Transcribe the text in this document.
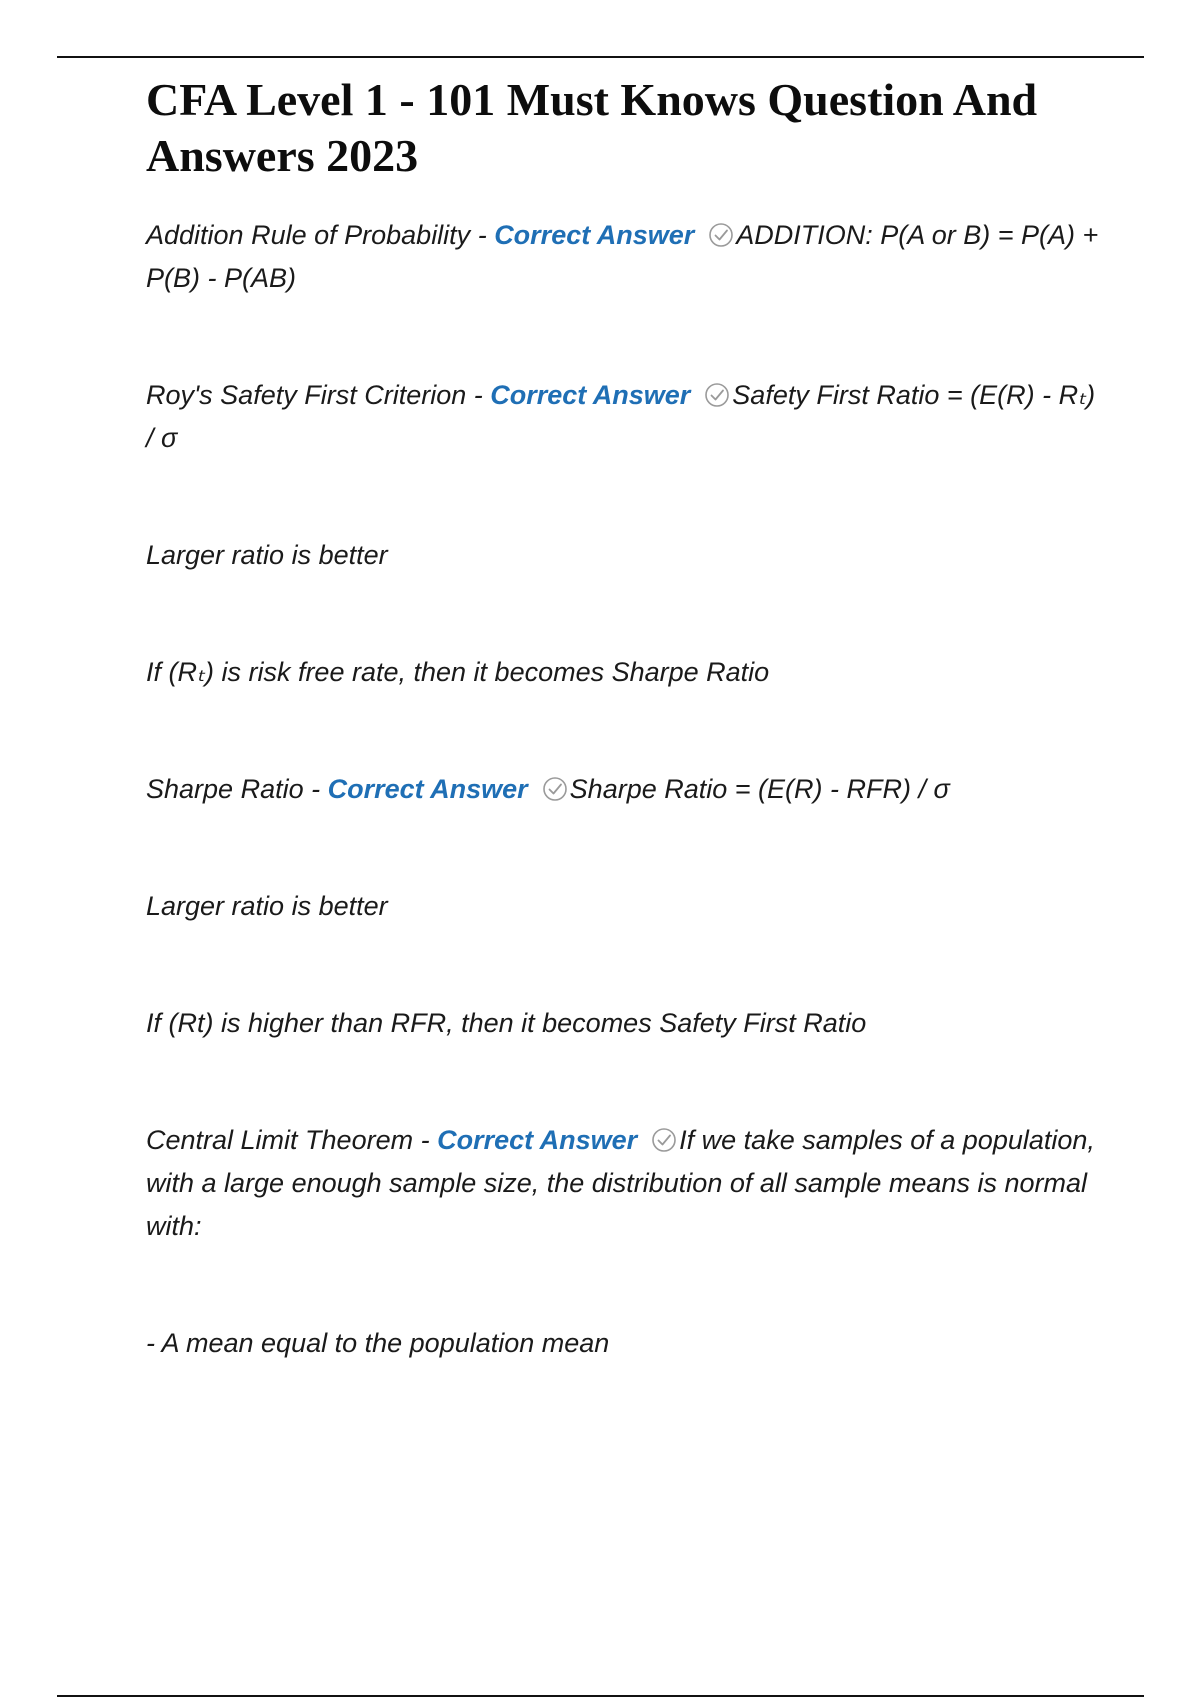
CFA Level 1 - 101 Must Knows Question And Answers 2023

Addition Rule of Probability - Correct Answer ADDITION: P(A or B) = P(A) + P(B) - P(AB)

Roy's Safety First Criterion - Correct Answer Safety First Ratio = (E(R) - Rₜ) / σ

Larger ratio is better

If (Rₜ) is risk free rate, then it becomes Sharpe Ratio

Sharpe Ratio - Correct Answer Sharpe Ratio = (E(R) - RFR) / σ

Larger ratio is better

If (Rt) is higher than RFR, then it becomes Safety First Ratio

Central Limit Theorem - Correct Answer If we take samples of a population, with a large enough sample size, the distribution of all sample means is normal with:

- A mean equal to the population mean
